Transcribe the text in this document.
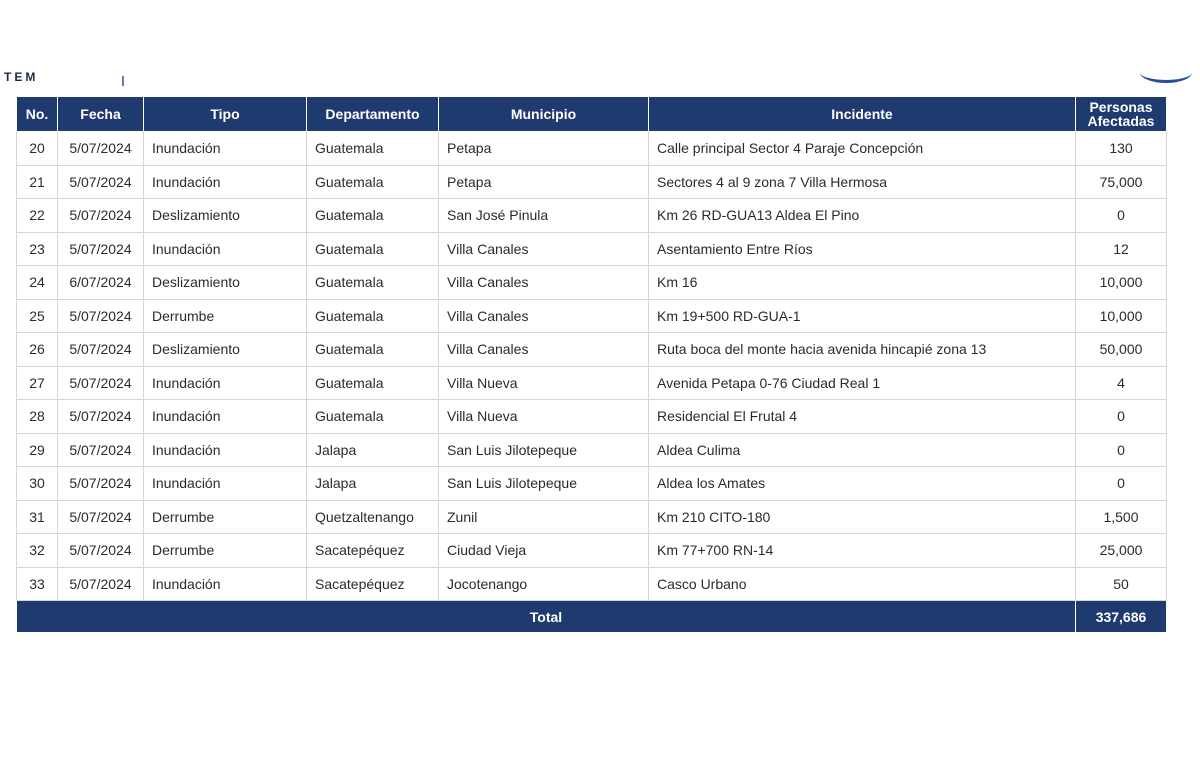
TEM
No.	Fecha	Tipo	Departamento	Municipio	Incidente	Personas
Afectadas
20	5/07/2024	Inundación	Guatemala	Petapa	Calle principal Sector 4 Paraje Concepción	130
21	5/07/2024	Inundación	Guatemala	Petapa	Sectores 4 al 9 zona 7 Villa Hermosa	75,000
22	5/07/2024	Deslizamiento	Guatemala	San José Pinula	Km 26 RD-GUA13 Aldea El Pino	0
23	5/07/2024	Inundación	Guatemala	Villa Canales	Asentamiento Entre Ríos	12
24	6/07/2024	Deslizamiento	Guatemala	Villa Canales	Km 16	10,000
25	5/07/2024	Derrumbe	Guatemala	Villa Canales	Km 19+500 RD-GUA-1	10,000
26	5/07/2024	Deslizamiento	Guatemala	Villa Canales	Ruta boca del monte hacia avenida hincapié zona 13	50,000
27	5/07/2024	Inundación	Guatemala	Villa Nueva	Avenida Petapa 0-76 Ciudad Real 1	4
28	5/07/2024	Inundación	Guatemala	Villa Nueva	Residencial El Frutal 4	0
29	5/07/2024	Inundación	Jalapa	San Luis Jilotepeque	Aldea Culima	0
30	5/07/2024	Inundación	Jalapa	San Luis Jilotepeque	Aldea los Amates	0
31	5/07/2024	Derrumbe	Quetzaltenango	Zunil	Km 210 CITO-180	1,500
32	5/07/2024	Derrumbe	Sacatepéquez	Ciudad Vieja	Km 77+700 RN-14	25,000
33	5/07/2024	Inundación	Sacatepéquez	Jocotenango	Casco Urbano	50
Total						337,686
